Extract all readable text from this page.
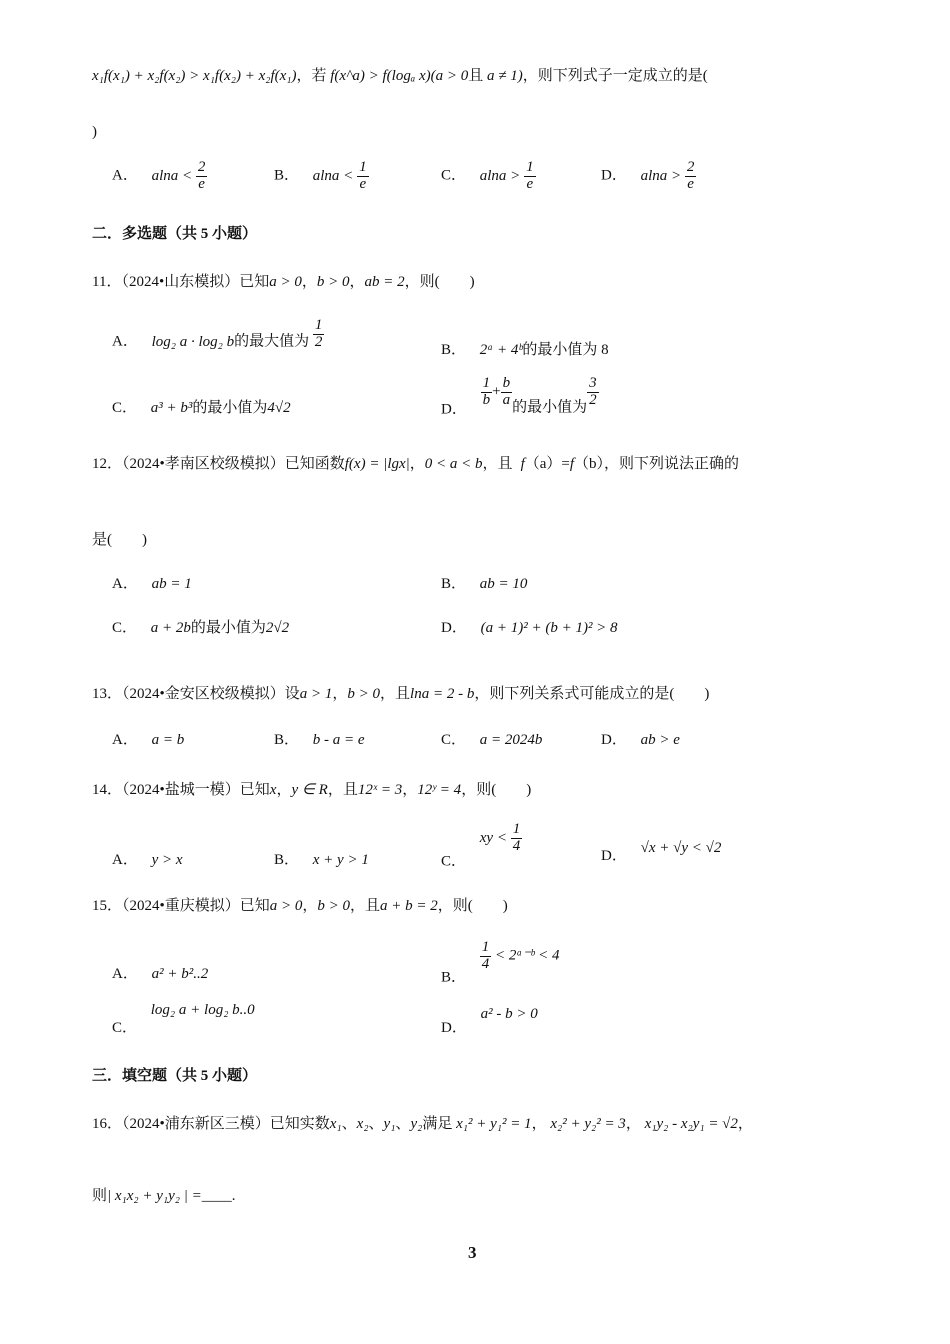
x₁f(x₁) + x₂f(x₂) > x₁f(x₂) + x₂f(x₁)，若 f(x^a) > f(logₐ x)(a > 0且 a ≠ 1)，则下列式子一定成立的是(
)
A． $alna < \frac{2}{e}$	B． $alna < \frac{1}{e}$	C． $alna > \frac{1}{e}$	D． $alna > \frac{2}{e}$
二．多选题（共 5 小题）
11．（2024•山东模拟）已知a > 0，b > 0，ab = 2，则( )
A． log₂ a · log₂ b的最大值为 $\frac{1}{2}$	B． 2ᵃ + 4ᵇ的最小值为 8
C． a³ + b³的最小值为4√2	D．
$\frac{1}{b} + \frac{b}{a}$ 的最小值为 $\frac{3}{2}$
12．（2024•孝南区校级模拟）已知函数f(x) = |lgx|，0 < a < b，且 f（a）=f（b），则下列说法正确的
是( )
A． ab = 1	B． ab = 10
C． a + 2b的最小值为2√2	D． (a + 1)² + (b + 1)² > 8
13．（2024•金安区校级模拟）设a > 1，b > 0，且lna = 2 - b，则下列关系式可能成立的是( )
A． a = b	B． b - a = e	C． a = 2024b	D． ab > e
14．（2024•盐城一模）已知x，y ∈ R，且12ˣ = 3，12ʸ = 4，则( )
A． y > x	B． x + y > 1	C． xy < $\frac{1}{4}$
D． √x + √y < √2
15．（2024•重庆模拟）已知a > 0，b > 0，且a + b = 2，则( )
A． a² + b²..2	B．
$\frac{1}{4}$ < 2ᵃ⁻ᵇ < 4
C． log₂ a + log₂ b..0
D． a² - b > 0
三．填空题（共 5 小题）
16．（2024•浦东新区三模）已知实数x₁、x₂、y₁、y₂满足 x₁² + y₁² = 1， x₂² + y₂² = 3， x₁y₂ - x₂y₁ = √2，
则| x₁x₂ + y₁y₂ | =____.
3
